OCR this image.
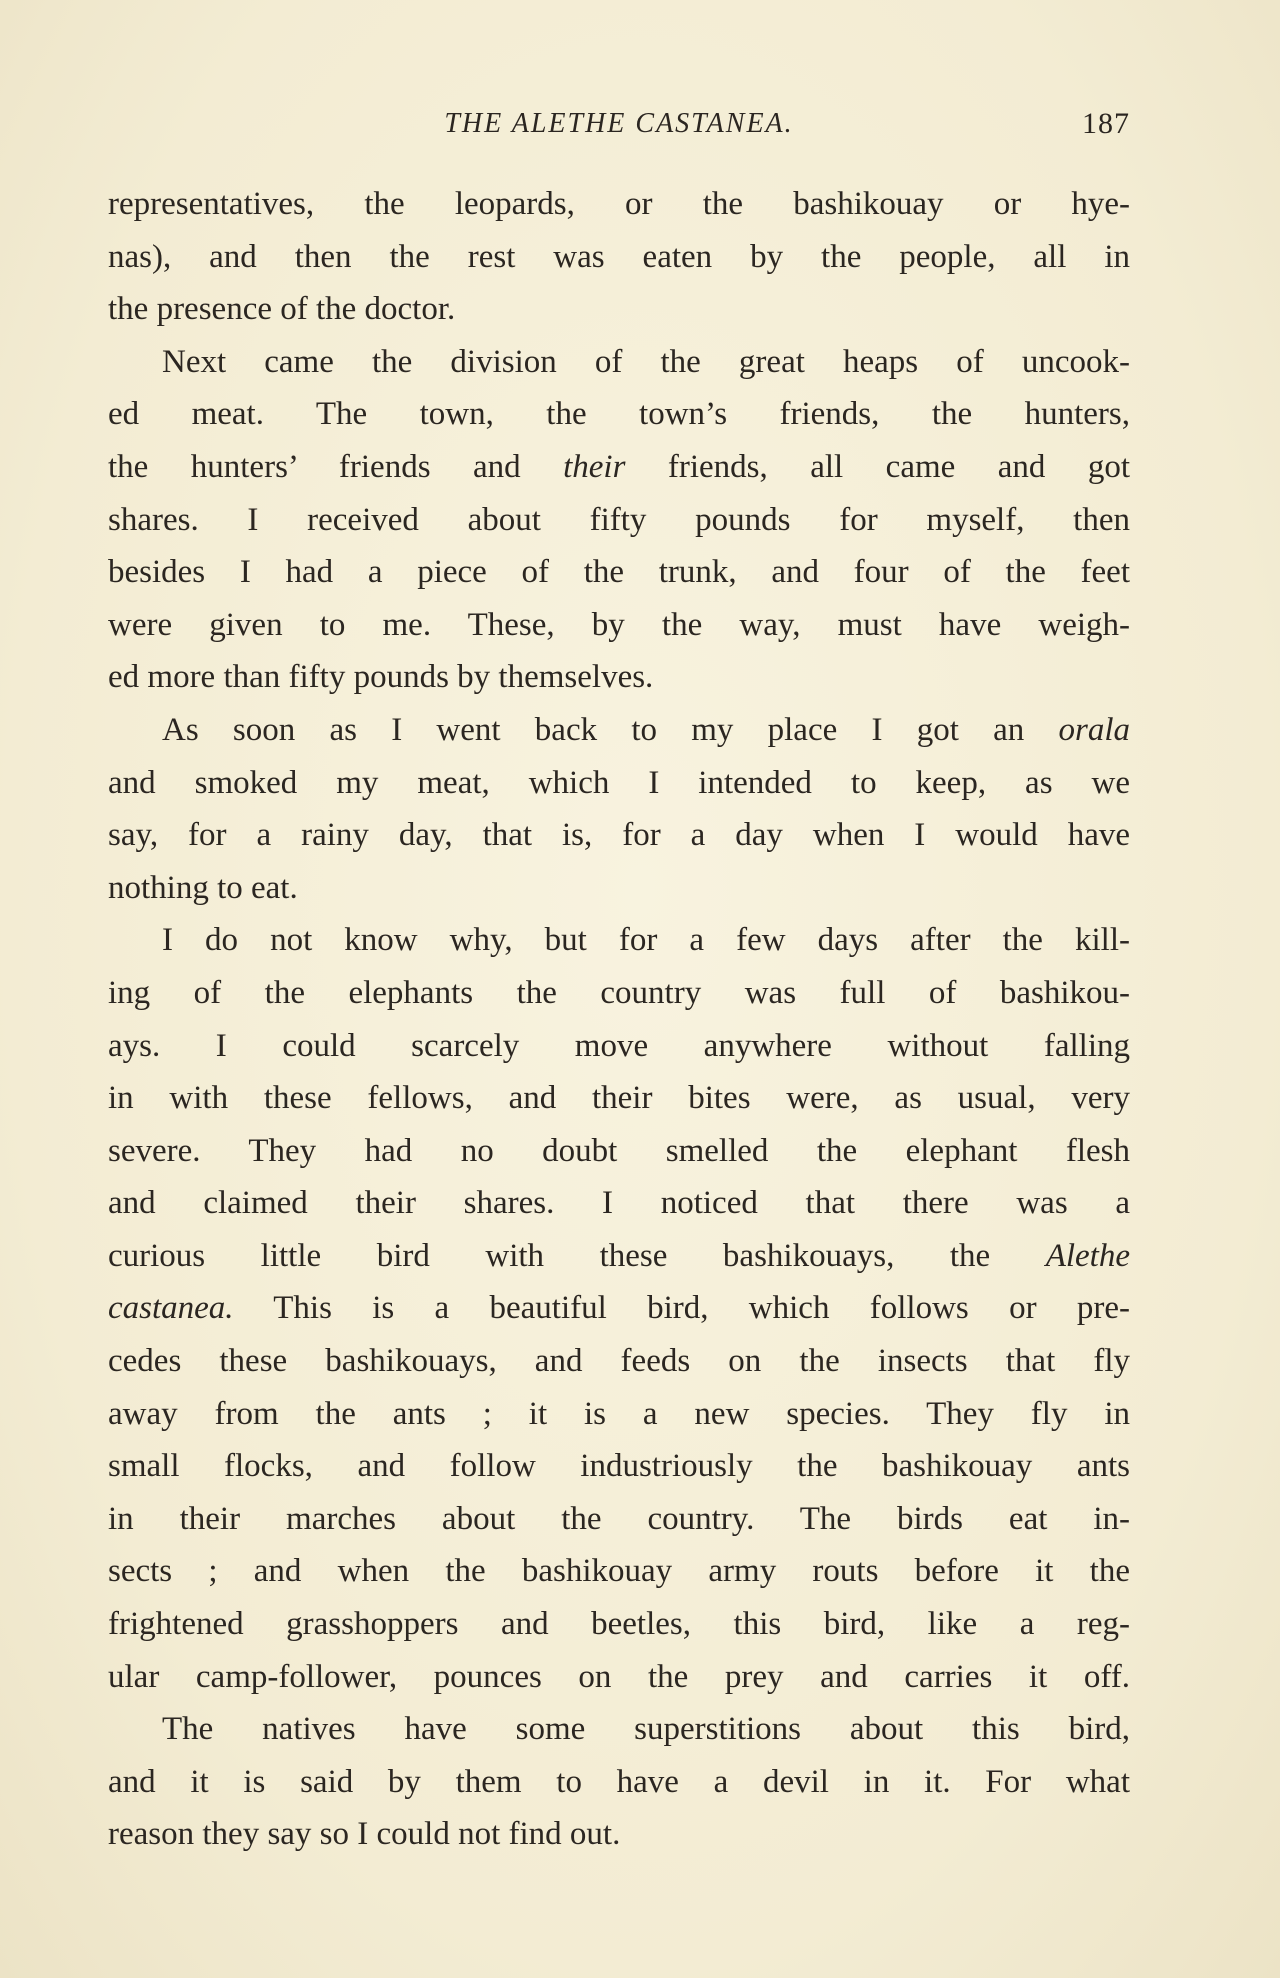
THE ALETHE CASTANEA.	187
representatives, the leopards, or the bashikouay or hye-
nas), and then the rest was eaten by the people, all in
the presence of the doctor.
Next came the division of the great heaps of uncook-
ed meat. The town, the town’s friends, the hunters,
the hunters’ friends and their friends, all came and got
shares. I received about fifty pounds for myself, then
besides I had a piece of the trunk, and four of the feet
were given to me. These, by the way, must have weigh-
ed more than fifty pounds by themselves.
As soon as I went back to my place I got an orala
and smoked my meat, which I intended to keep, as we
say, for a rainy day, that is, for a day when I would have
nothing to eat.
I do not know why, but for a few days after the kill-
ing of the elephants the country was full of bashikou-
ays. I could scarcely move anywhere without falling
in with these fellows, and their bites were, as usual, very
severe. They had no doubt smelled the elephant flesh
and claimed their shares. I noticed that there was a
curious little bird with these bashikouays, the Alethe
castanea. This is a beautiful bird, which follows or pre-
cedes these bashikouays, and feeds on the insects that fly
away from the ants ; it is a new species. They fly in
small flocks, and follow industriously the bashikouay ants
in their marches about the country. The birds eat in-
sects ; and when the bashikouay army routs before it the
frightened grasshoppers and beetles, this bird, like a reg-
ular camp-follower, pounces on the prey and carries it off.
The natives have some superstitions about this bird,
and it is said by them to have a devil in it. For what
reason they say so I could not find out.
